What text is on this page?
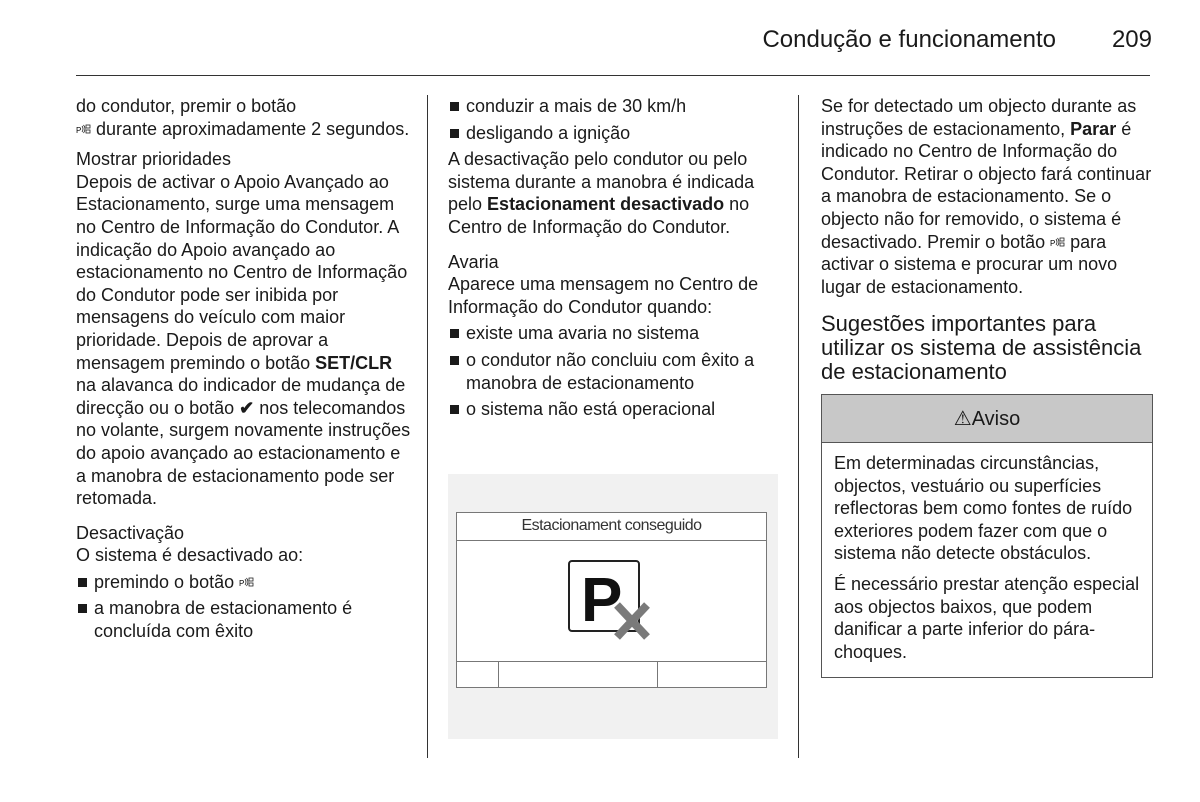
Condução e funcionamento	209

do condutor, premir o botão

P durante aproximadamente 2 segundos.

Mostrar prioridades

Depois de activar o Apoio Avançado ao Estacionamento, surge uma mensagem no Centro de Informação do Condutor. A indicação do Apoio avançado ao estacionamento no Centro de Informação do Condutor pode ser inibida por mensagens do veículo com maior prioridade. Depois de aprovar a mensagem premindo o botão SET/CLR na alavanca do indicador de mudança de direcção ou o botão ✔ nos telecomandos no volante, surgem novamente instruções do apoio avançado ao estacionamento e a manobra de estacionamento pode ser retomada.

Desactivação

O sistema é desactivado ao:

premindo o botão P
a manobra de estacionamento é concluída com êxito
conduzir a mais de 30 km/h
desligando a ignição

A desactivação pelo condutor ou pelo sistema durante a manobra é indicada pelo Estacionament desactivado no Centro de Informação do Condutor.

Avaria

Aparece uma mensagem no Centro de Informação do Condutor quando:

existe uma avaria no sistema
o condutor não concluiu com êxito a manobra de estacionamento
o sistema não está operacional
Estacionament conseguido
P

Se for detectado um objecto durante as instruções de estacionamento, Parar é indicado no Centro de Informação do Condutor. Retirar o objecto fará continuar a manobra de estacionamento. Se o objecto não for removido, o sistema é desactivado. Premir o botão P para activar o sistema e procurar um novo lugar de estacionamento.

Sugestões importantes para utilizar os sistema de assistência de estacionamento
⚠Aviso

Em determinadas circunstâncias, objectos, vestuário ou superfícies reflectoras bem como fontes de ruído exteriores podem fazer com que o sistema não detecte obstáculos.

É necessário prestar atenção especial aos objectos baixos, que podem danificar a parte inferior do pára-choques.
